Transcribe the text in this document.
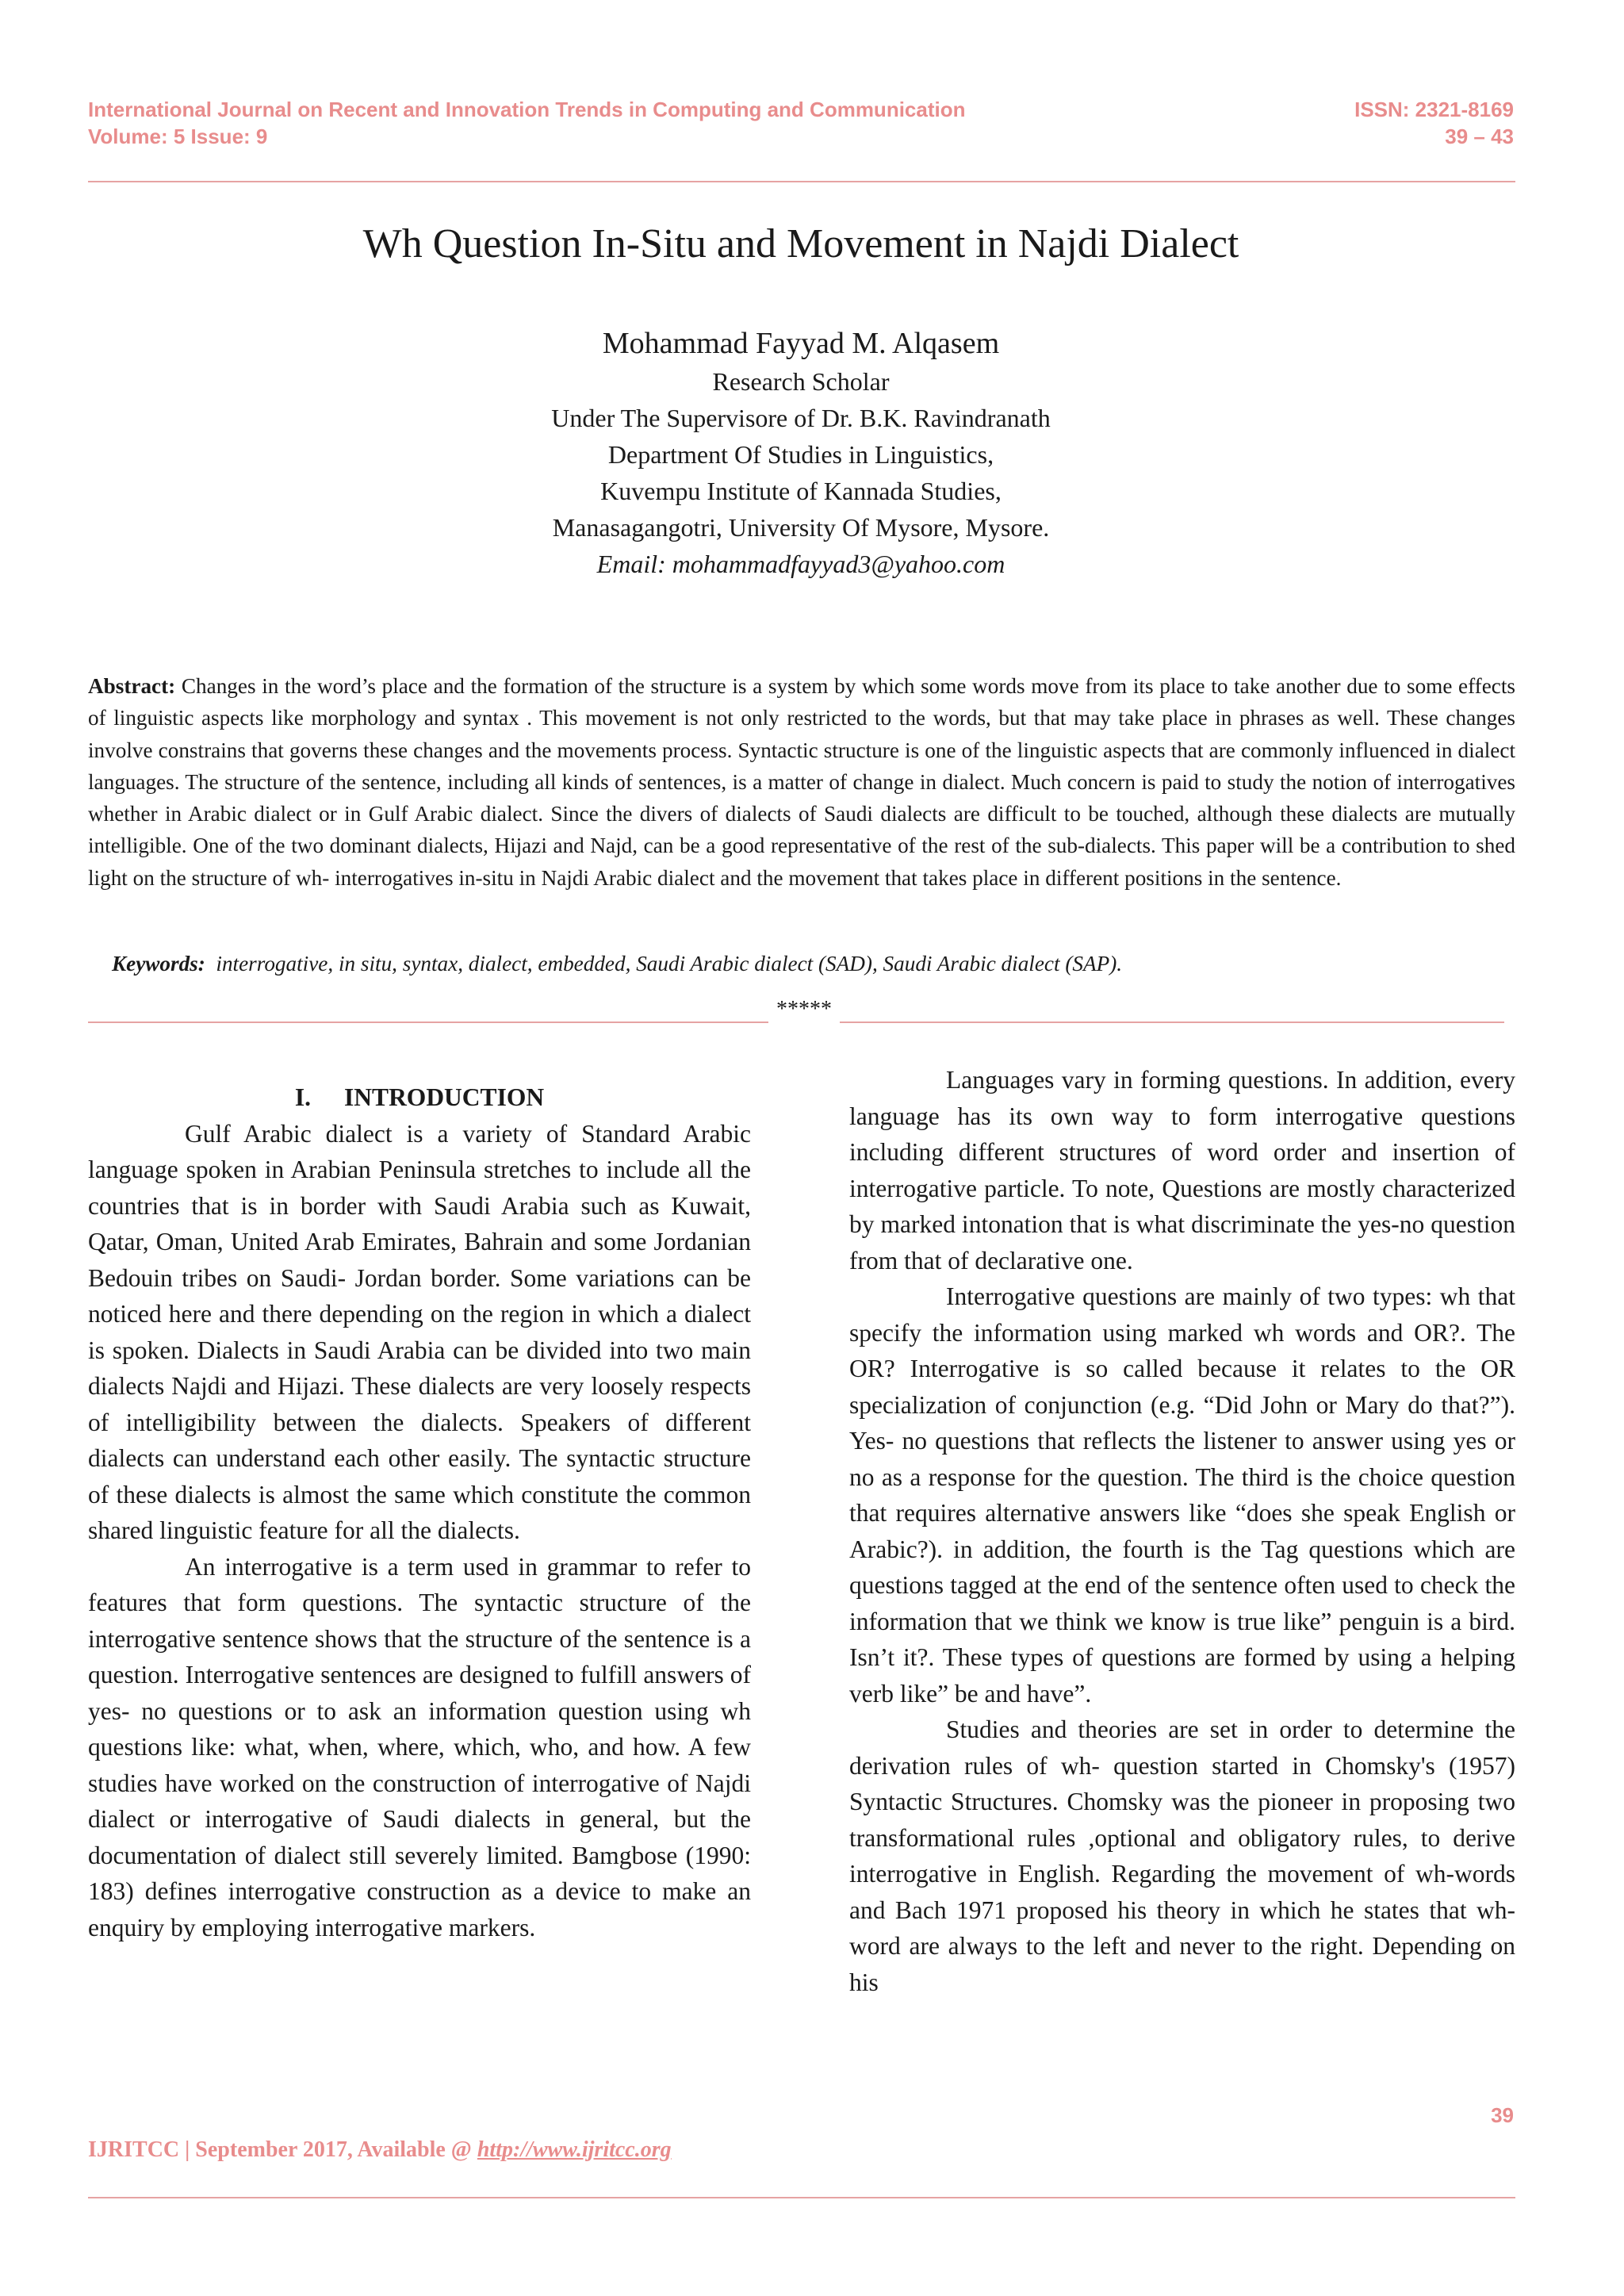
International Journal on Recent and Innovation Trends in Computing and Communication
Volume: 5 Issue: 9
ISSN: 2321-8169
39 – 43
Wh Question In-Situ and Movement in Najdi Dialect
Mohammad Fayyad M. Alqasem
Research Scholar
Under The Supervisore of Dr. B.K. Ravindranath
Department Of Studies in Linguistics,
Kuvempu Institute of Kannada Studies,
Manasagangotri, University Of Mysore, Mysore.
Email: mohammadfayyad3@yahoo.com
Abstract: Changes in the word’s place and the formation of the structure is a system by which some words move from its place to take another due to some effects of linguistic aspects like morphology and syntax . This movement is not only restricted to the words, but that may take place in phrases as well. These changes involve constrains that governs these changes and the movements process. Syntactic structure is one of the linguistic aspects that are commonly influenced in dialect languages. The structure of the sentence, including all kinds of sentences, is a matter of change in dialect. Much concern is paid to study the notion of interrogatives whether in Arabic dialect or in Gulf Arabic dialect. Since the divers of dialects of Saudi dialects are difficult to be touched, although these dialects are mutually intelligible. One of the two dominant dialects, Hijazi and Najd, can be a good representative of the rest of the sub-dialects. This paper will be a contribution to shed light on the structure of wh- interrogatives in-situ in Najdi Arabic dialect and the movement that takes place in different positions in the sentence.
Keywords: interrogative, in situ, syntax, dialect, embedded, Saudi Arabic dialect (SAD), Saudi Arabic dialect (SAP).
*****
I. INTRODUCTION

Gulf Arabic dialect is a variety of Standard Arabic language spoken in Arabian Peninsula stretches to include all the countries that is in border with Saudi Arabia such as Kuwait, Qatar, Oman, United Arab Emirates, Bahrain and some Jordanian Bedouin tribes on Saudi- Jordan border. Some variations can be noticed here and there depending on the region in which a dialect is spoken. Dialects in Saudi Arabia can be divided into two main dialects Najdi and Hijazi. These dialects are very loosely respects of intelligibility between the dialects. Speakers of different dialects can understand each other easily. The syntactic structure of these dialects is almost the same which constitute the common shared linguistic feature for all the dialects.

An interrogative is a term used in grammar to refer to features that form questions. The syntactic structure of the interrogative sentence shows that the structure of the sentence is a question. Interrogative sentences are designed to fulfill answers of yes- no questions or to ask an information question using wh questions like: what, when, where, which, who, and how. A few studies have worked on the construction of interrogative of Najdi dialect or interrogative of Saudi dialects in general, but the documentation of dialect still severely limited. Bamgbose (1990: 183) defines interrogative construction as a device to make an enquiry by employing interrogative markers.

Languages vary in forming questions. In addition, every language has its own way to form interrogative questions including different structures of word order and insertion of interrogative particle. To note, Questions are mostly characterized by marked intonation that is what discriminate the yes-no question from that of declarative one.

Interrogative questions are mainly of two types: wh that specify the information using marked wh words and OR?. The OR? Interrogative is so called because it relates to the OR specialization of conjunction (e.g. “Did John or Mary do that?”). Yes- no questions that reflects the listener to answer using yes or no as a response for the question. The third is the choice question that requires alternative answers like “does she speak English or Arabic?). in addition, the fourth is the Tag questions which are questions tagged at the end of the sentence often used to check the information that we think we know is true like” penguin is a bird. Isn’t it?. These types of questions are formed by using a helping verb like” be and have”.

Studies and theories are set in order to determine the derivation rules of wh- question started in Chomsky's (1957) Syntactic Structures. Chomsky was the pioneer in proposing two transformational rules ,optional and obligatory rules, to derive interrogative in English. Regarding the movement of wh-words and Bach 1971 proposed his theory in which he states that wh-word are always to the left and never to the right. Depending on his

39
IJRITCC | September 2017, Available @ http://www.ijritcc.org
